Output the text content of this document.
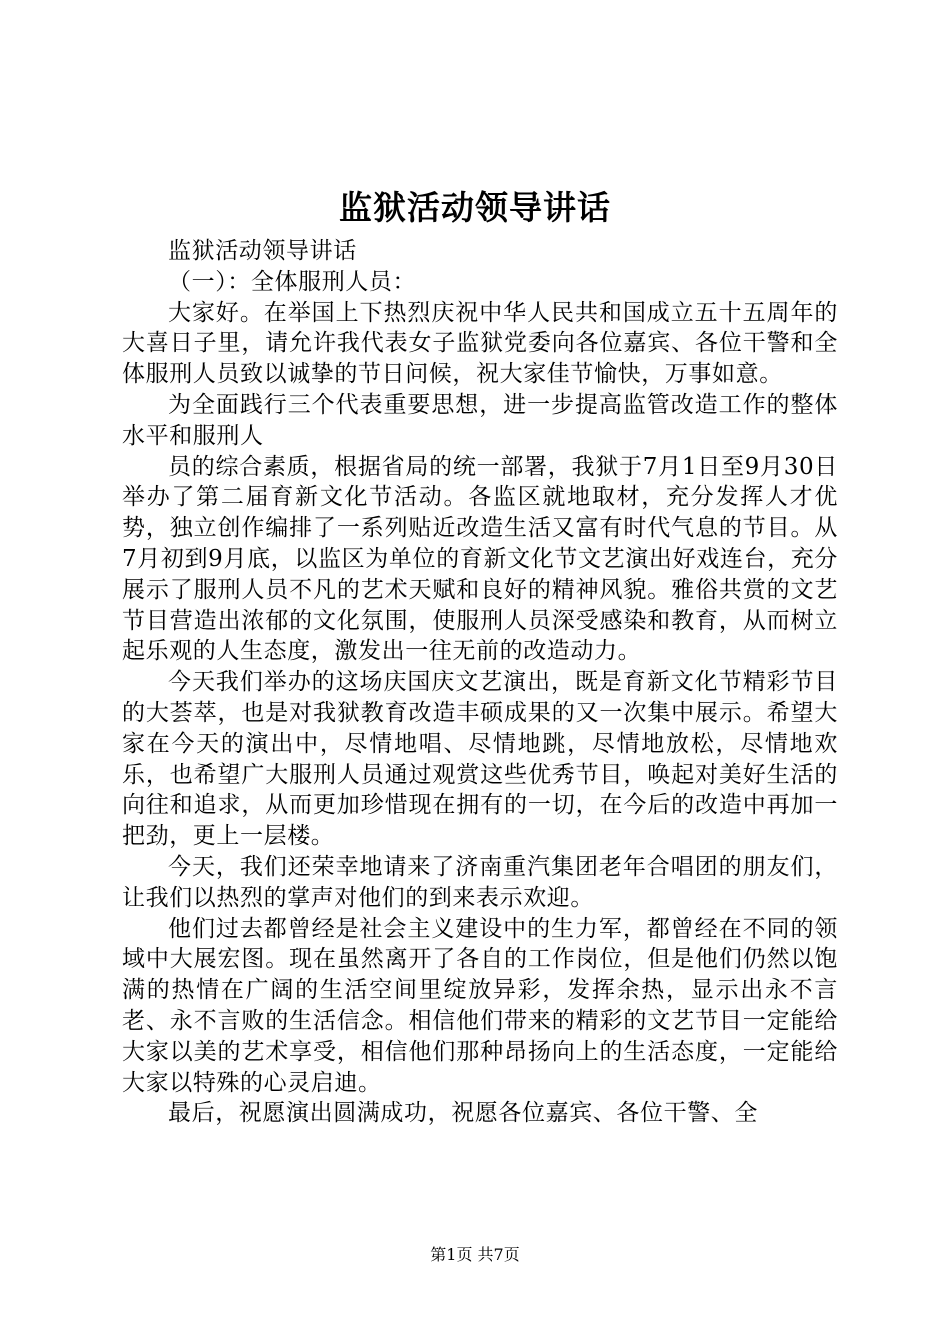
监狱活动领导讲话

监狱活动领导讲话

（一）：全体服刑人员：

大家好。在举国上下热烈庆祝中华人民共和国成立五十五周年的大喜日子里，请允许我代表女子监狱党委向各位嘉宾、各位干警和全体服刑人员致以诚挚的节日问候，祝大家佳节愉快，万事如意。

为全面践行三个代表重要思想，进一步提高监管改造工作的整体水平和服刑人

员的综合素质，根据省局的统一部署，我狱于7月1日至9月30日举办了第二届育新文化节活动。各监区就地取材，充分发挥人才优势，独立创作编排了一系列贴近改造生活又富有时代气息的节目。从7月初到9月底，以监区为单位的育新文化节文艺演出好戏连台，充分展示了服刑人员不凡的艺术天赋和良好的精神风貌。雅俗共赏的文艺节目营造出浓郁的文化氛围，使服刑人员深受感染和教育，从而树立起乐观的人生态度，激发出一往无前的改造动力。

今天我们举办的这场庆国庆文艺演出，既是育新文化节精彩节目的大荟萃，也是对我狱教育改造丰硕成果的又一次集中展示。希望大家在今天的演出中，尽情地唱、尽情地跳，尽情地放松，尽情地欢乐，也希望广大服刑人员通过观赏这些优秀节目，唤起对美好生活的向往和追求，从而更加珍惜现在拥有的一切，在今后的改造中再加一把劲，更上一层楼。

今天，我们还荣幸地请来了济南重汽集团老年合唱团的朋友们，让我们以热烈的掌声对他们的到来表示欢迎。

他们过去都曾经是社会主义建设中的生力军，都曾经在不同的领域中大展宏图。现在虽然离开了各自的工作岗位，但是他们仍然以饱满的热情在广阔的生活空间里绽放异彩，发挥余热，显示出永不言老、永不言败的生活信念。相信他们带来的精彩的文艺节目一定能给大家以美的艺术享受，相信他们那种昂扬向上的生活态度，一定能给大家以特殊的心灵启迪。

最后，祝愿演出圆满成功，祝愿各位嘉宾、各位干警、全

第1页 共7页
